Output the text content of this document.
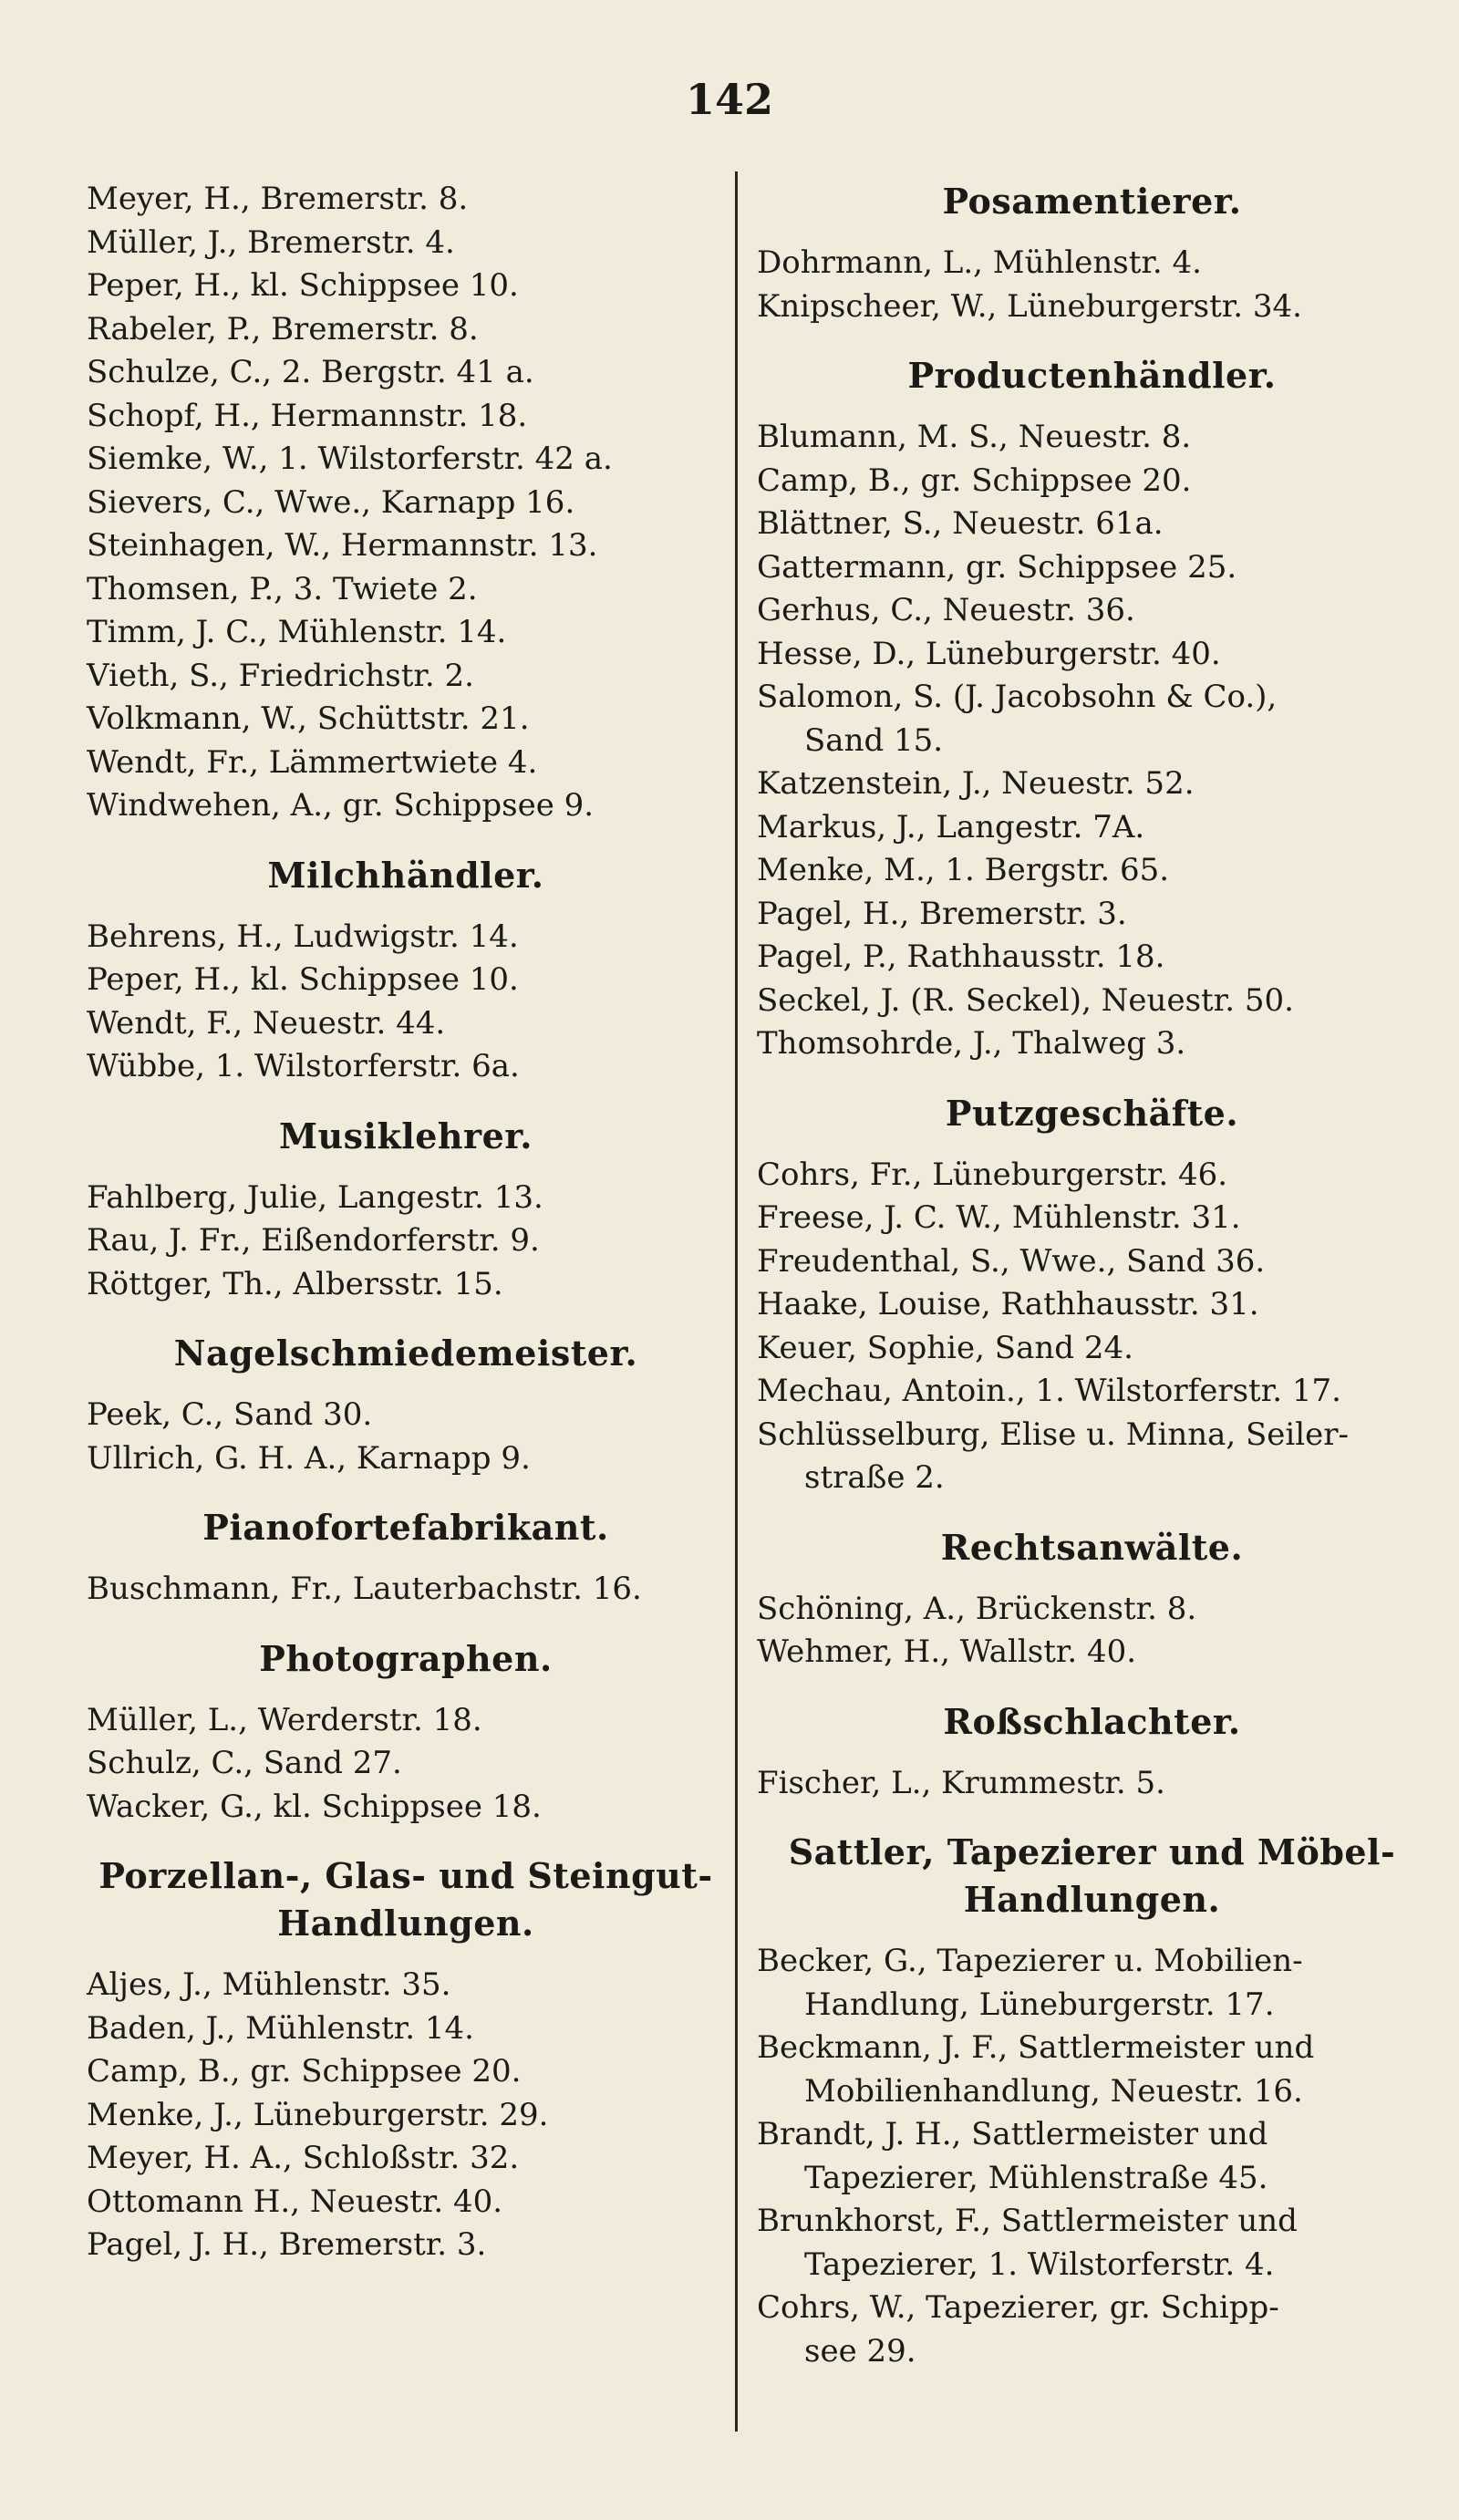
142
Meyer, H., Bremerstr. 8.
Müller, J., Bremerstr. 4.
Peper, H., kl. Schippsee 10.
Rabeler, P., Bremerstr. 8.
Schulze, C., 2. Bergstr. 41 a.
Schopf, H., Hermannstr. 18.
Siemke, W., 1. Wilstorferstr. 42 a.
Sievers, C., Wwe., Karnapp 16.
Steinhagen, W., Hermannstr. 13.
Thomsen, P., 3. Twiete 2.
Timm, J. C., Mühlenstr. 14.
Vieth, S., Friedrichstr. 2.
Volkmann, W., Schüttstr. 21.
Wendt, Fr., Lämmertwiete 4.
Windwehen, A., gr. Schippsee 9.
Milchhändler.
Behrens, H., Ludwigstr. 14.
Peper, H., kl. Schippsee 10.
Wendt, F., Neuestr. 44.
Wübbe, 1. Wilstorferstr. 6a.
Musiklehrer.
Fahlberg, Julie, Langestr. 13.
Rau, J. Fr., Eißendorferstr. 9.
Röttger, Th., Albersstr. 15.
Nagelschmiedemeister.
Peek, C., Sand 30.
Ullrich, G. H. A., Karnapp 9.
Pianofortefabrikant.
Buschmann, Fr., Lauterbachstr. 16.
Photographen.
Müller, L., Werderstr. 18.
Schulz, C., Sand 27.
Wacker, G., kl. Schippsee 18.
Porzellan-, Glas- und Steingut-
Handlungen.
Aljes, J., Mühlenstr. 35.
Baden, J., Mühlenstr. 14.
Camp, B., gr. Schippsee 20.
Menke, J., Lüneburgerstr. 29.
Meyer, H. A., Schloßstr. 32.
Ottomann H., Neuestr. 40.
Pagel, J. H., Bremerstr. 3.
Posamentierer.
Dohrmann, L., Mühlenstr. 4.
Knipscheer, W., Lüneburgerstr. 34.
Productenhändler.
Blumann, M. S., Neuestr. 8.
Camp, B., gr. Schippsee 20.
Blättner, S., Neuestr. 61a.
Gattermann, gr. Schippsee 25.
Gerhus, C., Neuestr. 36.
Hesse, D., Lüneburgerstr. 40.
Salomon, S. (J. Jacobsohn & Co.),
Sand 15.
Katzenstein, J., Neuestr. 52.
Markus, J., Langestr. 7A.
Menke, M., 1. Bergstr. 65.
Pagel, H., Bremerstr. 3.
Pagel, P., Rathhausstr. 18.
Seckel, J. (R. Seckel), Neuestr. 50.
Thomsohrde, J., Thalweg 3.
Putzgeschäfte.
Cohrs, Fr., Lüneburgerstr. 46.
Freese, J. C. W., Mühlenstr. 31.
Freudenthal, S., Wwe., Sand 36.
Haake, Louise, Rathhausstr. 31.
Keuer, Sophie, Sand 24.
Mechau, Antoin., 1. Wilstorferstr. 17.
Schlüsselburg, Elise u. Minna, Seiler-
straße 2.
Rechtsanwälte.
Schöning, A., Brückenstr. 8.
Wehmer, H., Wallstr. 40.
Roßschlachter.
Fischer, L., Krummestr. 5.
Sattler, Tapezierer und Möbel-
Handlungen.
Becker, G., Tapezierer u. Mobilien-
Handlung, Lüneburgerstr. 17.
Beckmann, J. F., Sattlermeister und
Mobilienhandlung, Neuestr. 16.
Brandt, J. H., Sattlermeister und
Tapezierer, Mühlenstraße 45.
Brunkhorst, F., Sattlermeister und
Tapezierer, 1. Wilstorferstr. 4.
Cohrs, W., Tapezierer, gr. Schipp-
see 29.
